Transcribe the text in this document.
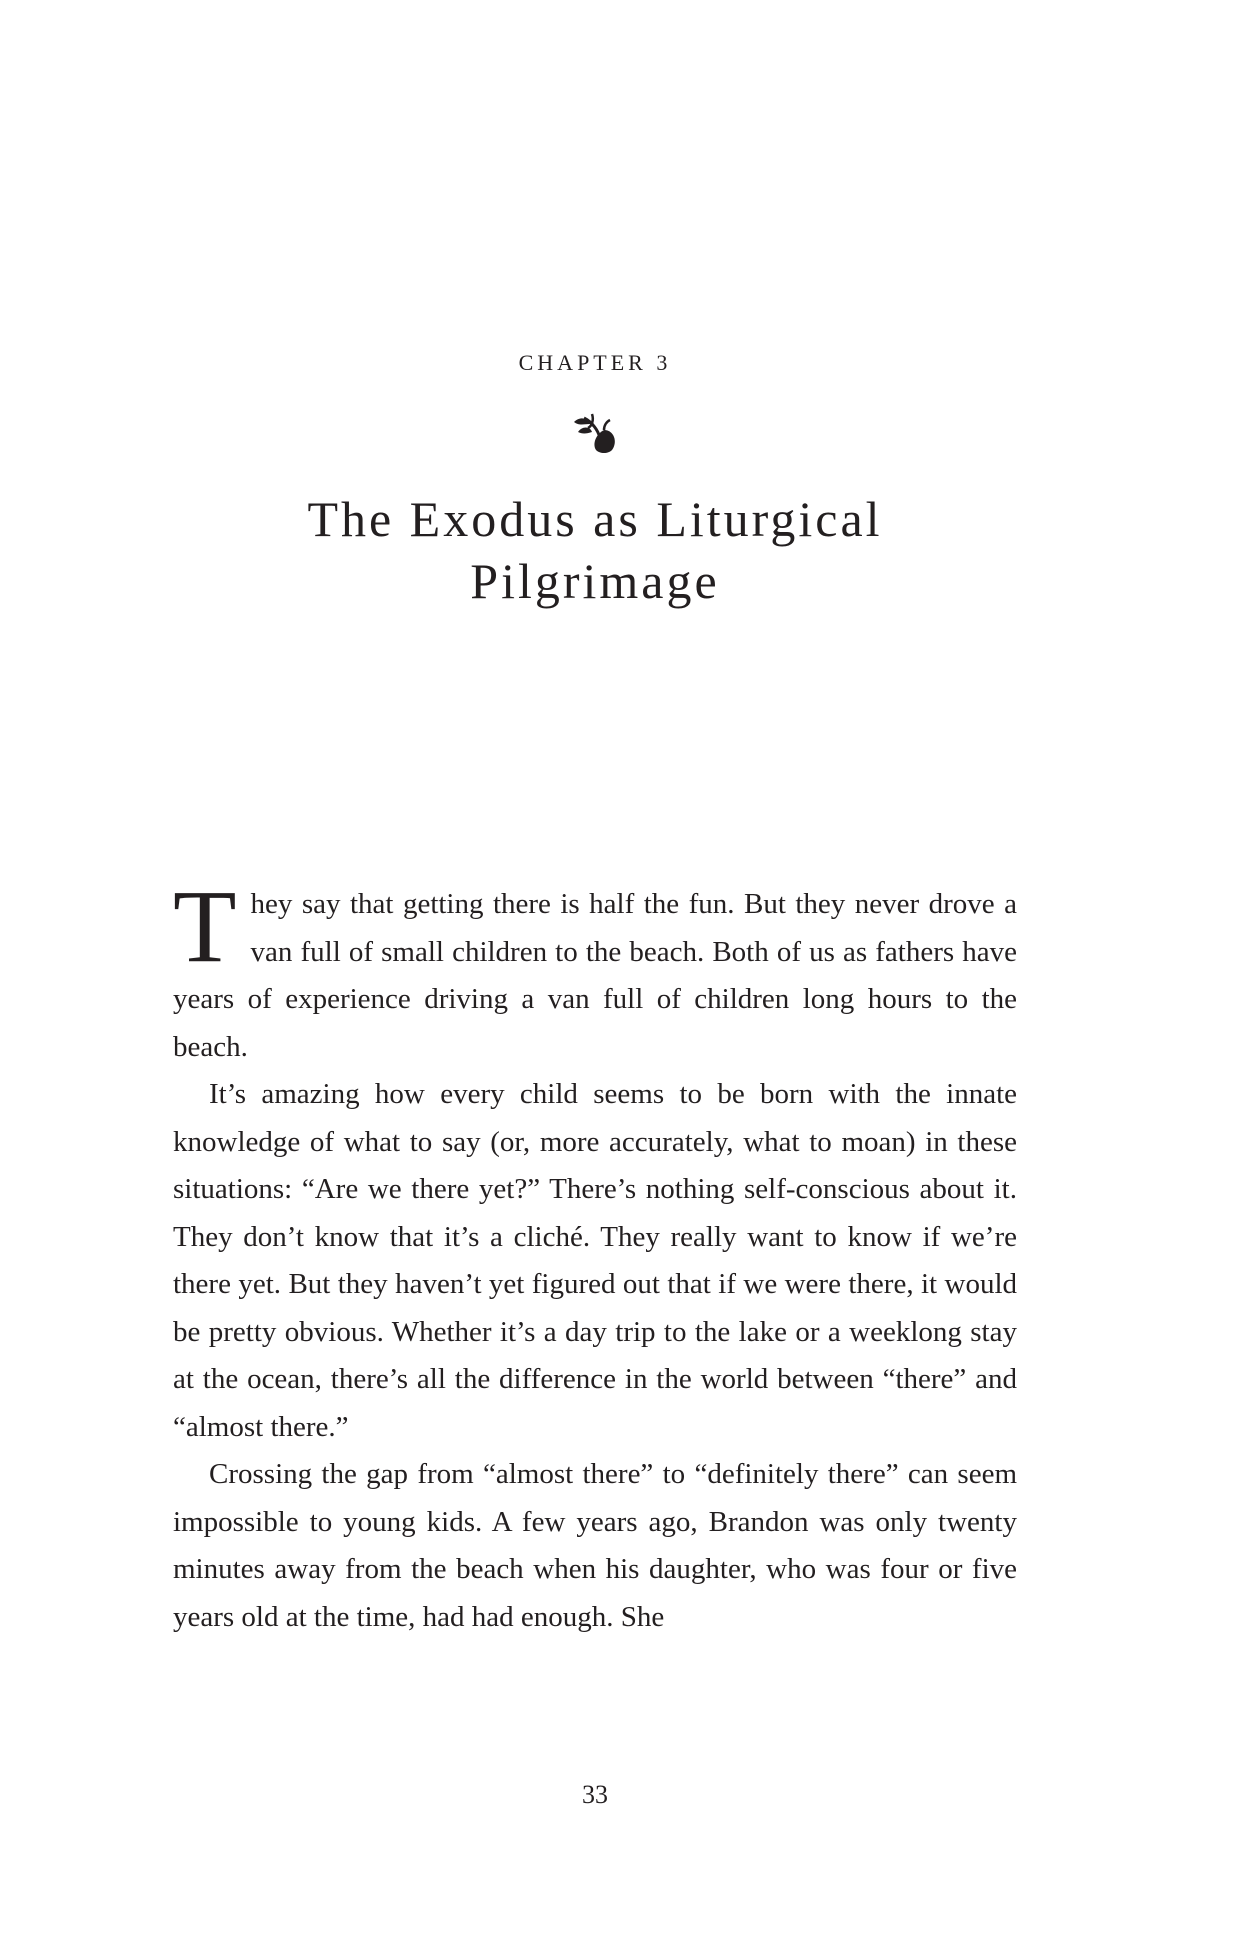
CHAPTER 3
The Exodus as Liturgical
Pilgrimage

They say that getting there is half the fun. But they never drove a van full of small children to the beach. Both of us as fathers have years of experience driving a van full of children long hours to the beach.

It’s amazing how every child seems to be born with the innate knowledge of what to say (or, more accurately, what to moan) in these situations: “Are we there yet?” There’s nothing self-conscious about it. They don’t know that it’s a cliché. They really want to know if we’re there yet. But they haven’t yet figured out that if we were there, it would be pretty obvious. Whether it’s a day trip to the lake or a weeklong stay at the ocean, there’s all the difference in the world between “there” and “almost there.”

Crossing the gap from “almost there” to “definitely there” can seem impossible to young kids. A few years ago, Brandon was only twenty minutes away from the beach when his daughter, who was four or five years old at the time, had had enough. She

33
